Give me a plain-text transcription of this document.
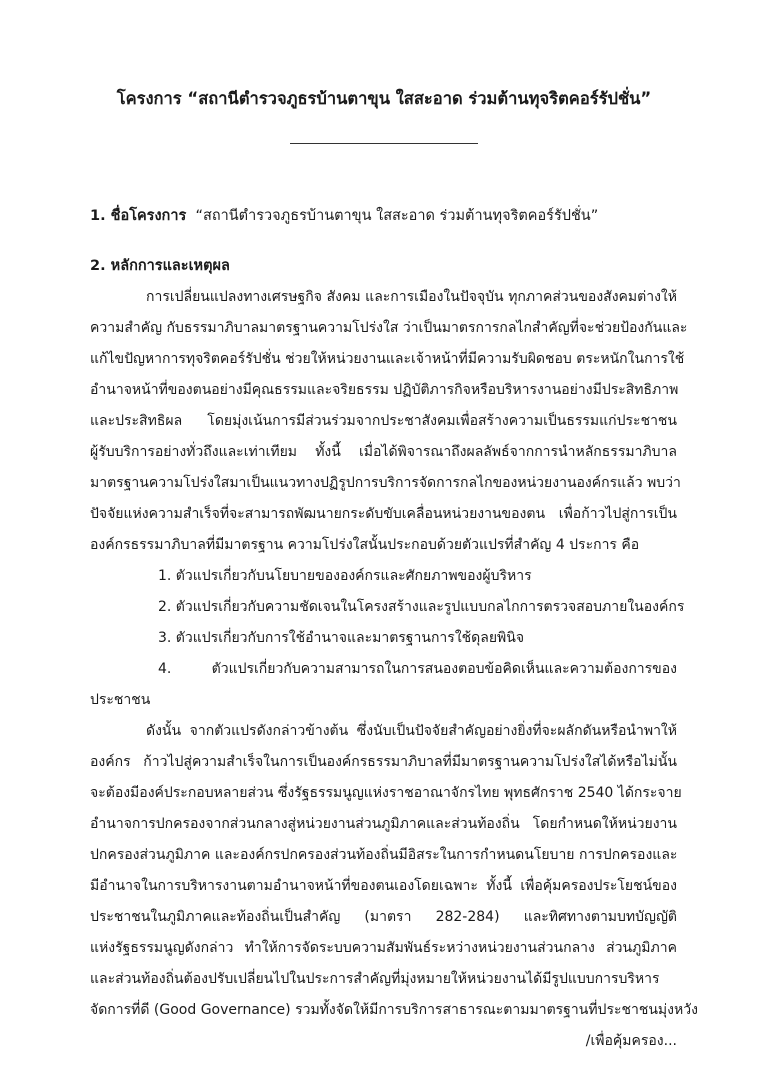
โครงการ “สถานีตำรวจภูธรบ้านตาขุน ใสสะอาด ร่วมต้านทุจริตคอร์รัปชั่น”
1. ชื่อโครงการ “สถานีตำรวจภูธรบ้านตาขุน ใสสะอาด ร่วมต้านทุจริตคอร์รัปชั่น”
2. หลักการและเหตุผล
การเปลี่ยนแปลงทางเศรษฐกิจ สังคม และการเมืองในปัจจุบัน ทุกภาคส่วนของสังคมต่างให้
ความสำคัญ กับธรรมาภิบาลมาตรฐานความโปร่งใส ว่าเป็นมาตรการกลไกสำคัญที่จะช่วยป้องกันและ
แก้ไขปัญหาการทุจริตคอร์รัปชั่น ช่วยให้หน่วยงานและเจ้าหน้าที่มีความรับผิดชอบ ตระหนักในการใช้
อำนาจหน้าที่ของตนอย่างมีคุณธรรมและจริยธรรม ปฏิบัติภารกิจหรือบริหารงานอย่างมีประสิทธิภาพ
และประสิทธิผล โดยมุ่งเน้นการมีส่วนร่วมจากประชาสังคมเพื่อสร้างความเป็นธรรมแก่ประชาชน
ผู้รับบริการอย่างทั่วถึงและเท่าเทียม ทั้งนี้ เมื่อได้พิจารณาถึงผลลัพธ์จากการนำหลักธรรมาภิบาล
มาตรฐานความโปร่งใสมาเป็นแนวทางปฏิรูปการบริการจัดการกลไกของหน่วยงานองค์กรแล้ว พบว่า
ปัจจัยแห่งความสำเร็จที่จะสามารถพัฒนายกระดับขับเคลื่อนหน่วยงานของตน เพื่อก้าวไปสู่การเป็น
องค์กรธรรมาภิบาลที่มีมาตรฐาน ความโปร่งใสนั้นประกอบด้วยตัวแปรที่สำคัญ 4 ประการ คือ
1. ตัวแปรเกี่ยวกับนโยบายขององค์กรและศักยภาพของผู้บริหาร
2. ตัวแปรเกี่ยวกับความชัดเจนในโครงสร้างและรูปแบบกลไกการตรวจสอบภายในองค์กร
3. ตัวแปรเกี่ยวกับการใช้อำนาจและมาตรฐานการใช้ดุลยพินิจ
4. ตัวแปรเกี่ยวกับความสามารถในการสนองตอบข้อคิดเห็นและความต้องการของ
ประชาชน
ดังนั้น จากตัวแปรดังกล่าวข้างต้น ซึ่งนับเป็นปัจจัยสำคัญอย่างยิ่งที่จะผลักดันหรือนำพาให้
องค์กร ก้าวไปสู่ความสำเร็จในการเป็นองค์กรธรรมาภิบาลที่มีมาตรฐานความโปร่งใสได้หรือไม่นั้น
จะต้องมีองค์ประกอบหลายส่วน ซึ่งรัฐธรรมนูญแห่งราชอาณาจักรไทย พุทธศักราช 2540 ได้กระจาย
อำนาจการปกครองจากส่วนกลางสู่หน่วยงานส่วนภูมิภาคและส่วนท้องถิ่น โดยกำหนดให้หน่วยงาน
ปกครองส่วนภูมิภาค และองค์กรปกครองส่วนท้องถิ่นมีอิสระในการกำหนดนโยบาย การปกครองและ
มีอำนาจในการบริหารงานตามอำนาจหน้าที่ของตนเองโดยเฉพาะ ทั้งนี้ เพื่อคุ้มครองประโยชน์ของ
ประชาชนในภูมิภาคและท้องถิ่นเป็นสำคัญ (มาตรา 282-284) และทิศทางตามบทบัญญัติ
แห่งรัฐธรรมนูญดังกล่าว ทำให้การจัดระบบความสัมพันธ์ระหว่างหน่วยงานส่วนกลาง ส่วนภูมิภาค
และส่วนท้องถิ่นต้องปรับเปลี่ยนไปในประการสำคัญที่มุ่งหมายให้หน่วยงานได้มีรูปแบบการบริหาร
จัดการที่ดี (Good Governance) รวมทั้งจัดให้มีการบริการสาธารณะตามมาตรฐานที่ประชาชนมุ่งหวัง
/เพื่อคุ้มครอง...
